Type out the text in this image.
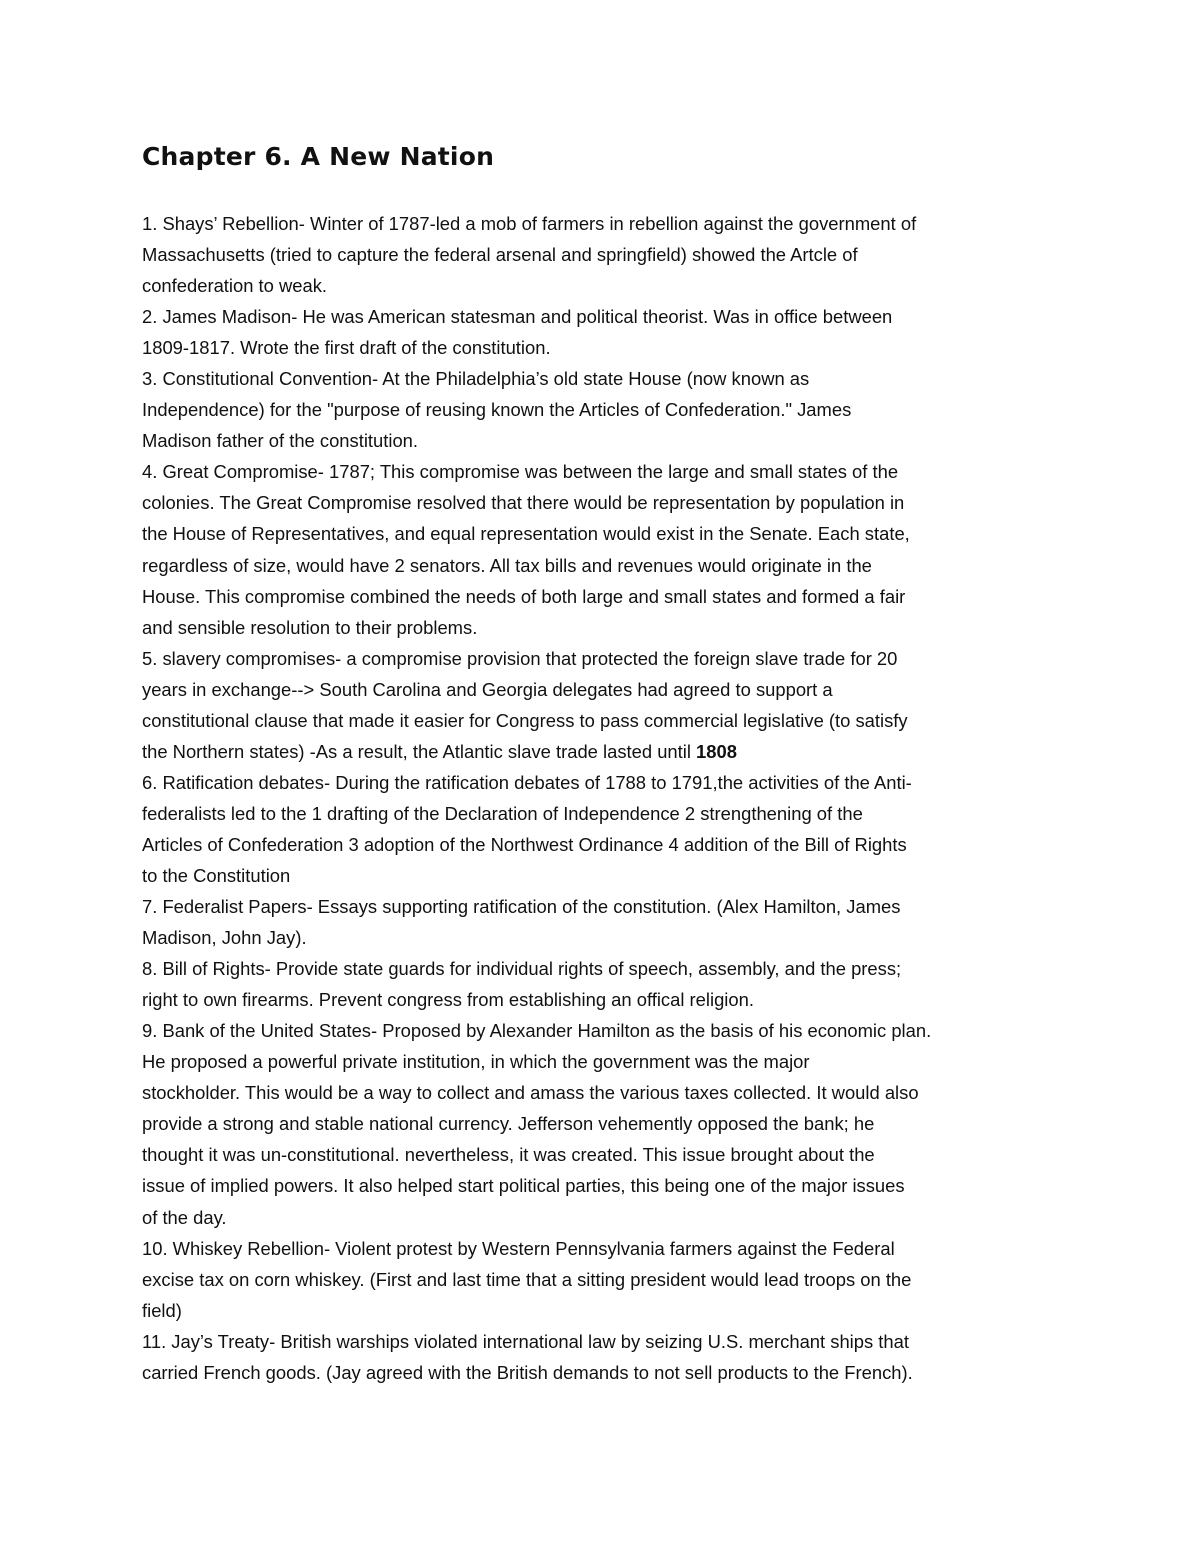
Chapter 6. A New Nation
1. Shays’ Rebellion- Winter of 1787-led a mob of farmers in rebellion against the government of
Massachusetts (tried to capture the federal arsenal and springfield) showed the Artcle of
confederation to weak.
2. James Madison- He was American statesman and political theorist. Was in office between
1809-1817. Wrote the first draft of the constitution.
3. Constitutional Convention- At the Philadelphia’s old state House (now known as
Independence) for the "purpose of reusing known the Articles of Confederation." James
Madison father of the constitution.
4. Great Compromise- 1787; This compromise was between the large and small states of the
colonies. The Great Compromise resolved that there would be representation by population in
the House of Representatives, and equal representation would exist in the Senate. Each state,
regardless of size, would have 2 senators. All tax bills and revenues would originate in the
House. This compromise combined the needs of both large and small states and formed a fair
and sensible resolution to their problems.
5. slavery compromises- a compromise provision that protected the foreign slave trade for 20
years in exchange--> South Carolina and Georgia delegates had agreed to support a
constitutional clause that made it easier for Congress to pass commercial legislative (to satisfy
the Northern states) -As a result, the Atlantic slave trade lasted until 1808
6. Ratification debates- During the ratification debates of 1788 to 1791,the activities of the Anti-
federalists led to the 1 drafting of the Declaration of Independence 2 strengthening of the
Articles of Confederation 3 adoption of the Northwest Ordinance 4 addition of the Bill of Rights
to the Constitution
7. Federalist Papers- Essays supporting ratification of the constitution. (Alex Hamilton, James
Madison, John Jay).
8. Bill of Rights- Provide state guards for individual rights of speech, assembly, and the press;
right to own firearms. Prevent congress from establishing an offical religion.
9. Bank of the United States- Proposed by Alexander Hamilton as the basis of his economic plan.
He proposed a powerful private institution, in which the government was the major
stockholder. This would be a way to collect and amass the various taxes collected. It would also
provide a strong and stable national currency. Jefferson vehemently opposed the bank; he
thought it was un-constitutional. nevertheless, it was created. This issue brought about the
issue of implied powers. It also helped start political parties, this being one of the major issues
of the day.
10. Whiskey Rebellion- Violent protest by Western Pennsylvania farmers against the Federal
excise tax on corn whiskey. (First and last time that a sitting president would lead troops on the
field)
11. Jay’s Treaty- British warships violated international law by seizing U.S. merchant ships that
carried French goods. (Jay agreed with the British demands to not sell products to the French).
